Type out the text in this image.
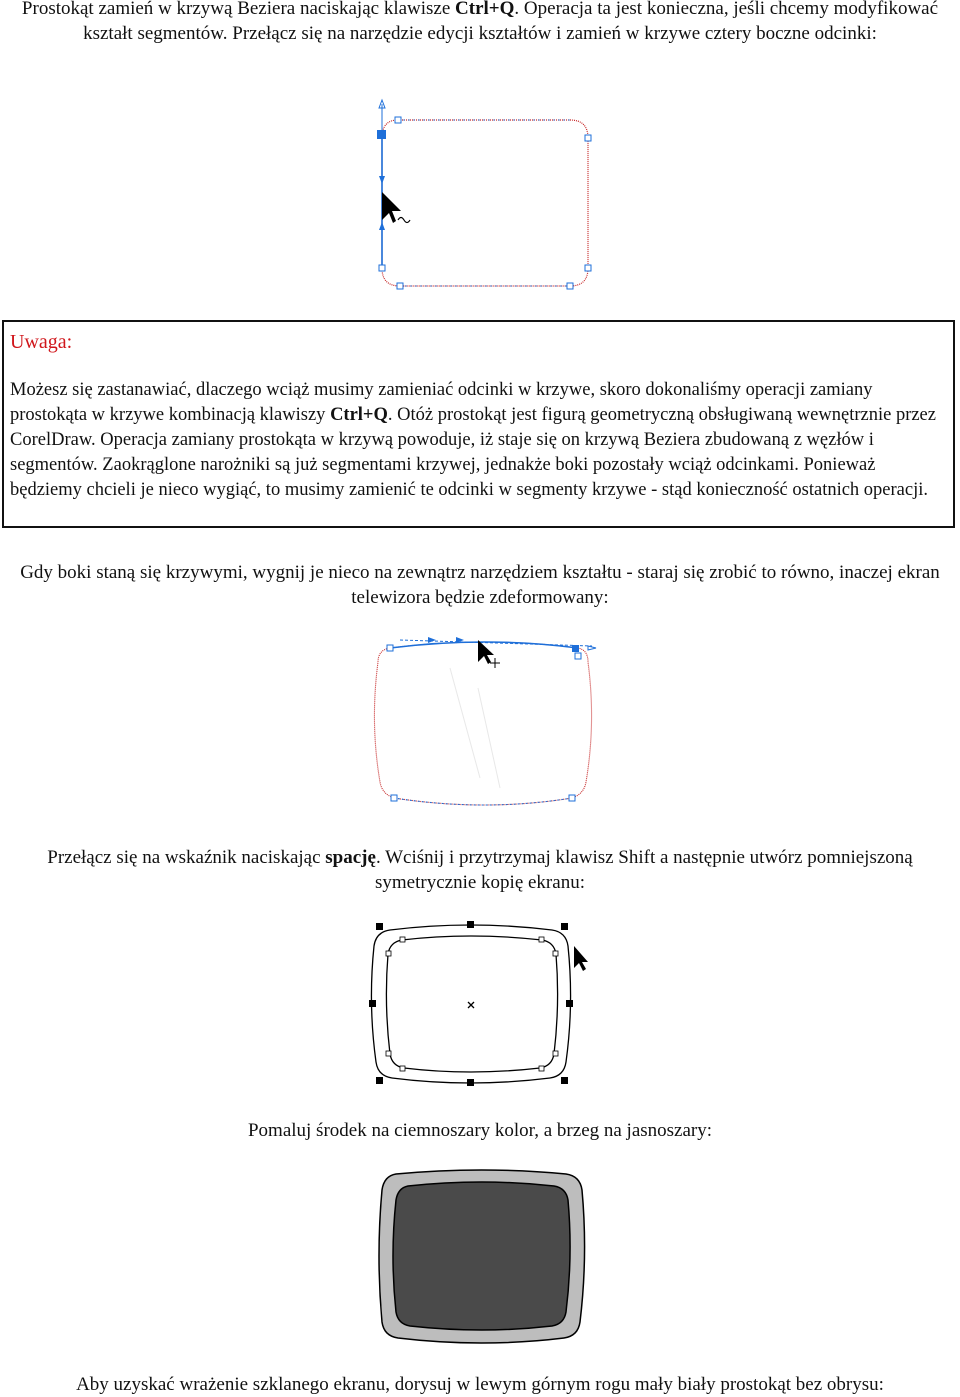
Prostokąt zamień w krzywą Beziera naciskając klawisze Ctrl+Q. Operacja ta jest konieczna, jeśli chcemy modyfikować kształt segmentów. Przełącz się na narzędzie edycji kształtów i zamień w krzywe cztery boczne odcinki:

Uwaga:

Możesz się zastanawiać, dlaczego wciąż musimy zamieniać odcinki w krzywe, skoro dokonaliśmy operacji zamiany prostokąta w krzywe kombinacją klawiszy Ctrl+Q. Otóż prostokąt jest figurą geometryczną obsługiwaną wewnętrznie przez CorelDraw. Operacja zamiany prostokąta w krzywą powoduje, iż staje się on krzywą Beziera zbudowaną z węzłów i segmentów. Zaokrąglone narożniki są już segmentami krzywej, jednakże boki pozostały wciąż odcinkami. Ponieważ będziemy chcieli je nieco wygiąć, to musimy zamienić te odcinki w segmenty krzywe - stąd konieczność ostatnich operacji.

Gdy boki staną się krzywymi, wygnij je nieco na zewnątrz narzędziem kształtu - staraj się zrobić to równo, inaczej ekran telewizora będzie zdeformowany:

Przełącz się na wskaźnik naciskając spację. Wciśnij i przytrzymaj klawisz Shift a następnie utwórz pomniejszoną symetrycznie kopię ekranu:

Pomaluj środek na ciemnoszary kolor, a brzeg na jasnoszary:

Aby uzyskać wrażenie szklanego ekranu, dorysuj w lewym górnym rogu mały biały prostokąt bez obrysu:
